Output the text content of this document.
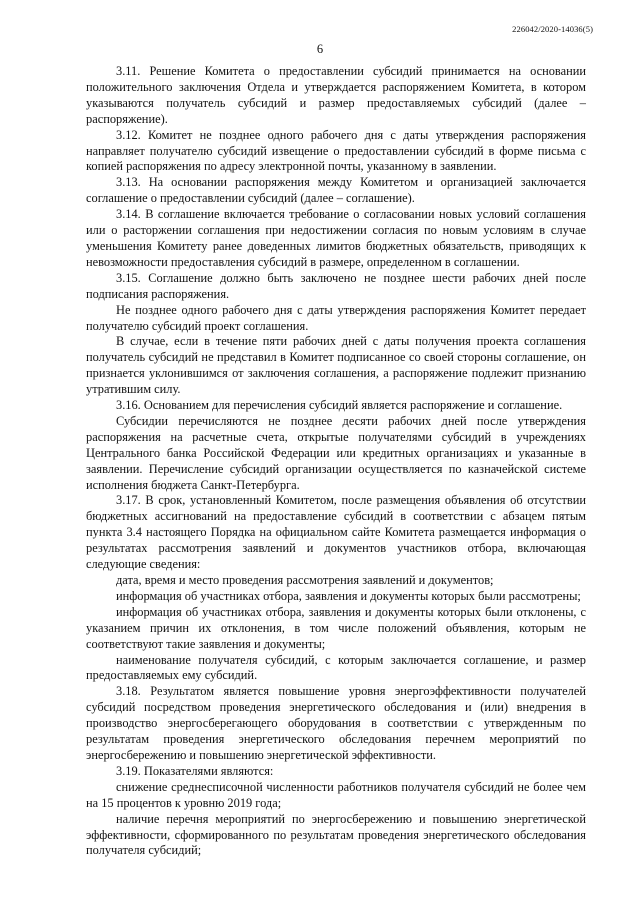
226042/2020-14036(5)
6

3.11. Решение Комитета о предоставлении субсидий принимается на основании положительного заключения Отдела и утверждается распоряжением Комитета, в котором указываются получатель субсидий и размер предоставляемых субсидий (далее – распоряжение).

3.12. Комитет не позднее одного рабочего дня с даты утверждения распоряжения направляет получателю субсидий извещение о предоставлении субсидий в форме письма с копией распоряжения по адресу электронной почты, указанному в заявлении.

3.13. На основании распоряжения между Комитетом и организацией заключается соглашение о предоставлении субсидий (далее – соглашение).

3.14. В соглашение включается требование о согласовании новых условий соглашения или о расторжении соглашения при недостижении согласия по новым условиям в случае уменьшения Комитету ранее доведенных лимитов бюджетных обязательств, приводящих к невозможности предоставления субсидий в размере, определенном в соглашении.

3.15. Соглашение должно быть заключено не позднее шести рабочих дней после подписания распоряжения.

Не позднее одного рабочего дня с даты утверждения распоряжения Комитет передает получателю субсидий проект соглашения.

В случае, если в течение пяти рабочих дней с даты получения проекта соглашения получатель субсидий не представил в Комитет подписанное со своей стороны соглашение, он признается уклонившимся от заключения соглашения, а распоряжение подлежит признанию утратившим силу.

3.16. Основанием для перечисления субсидий является распоряжение и соглашение.

Субсидии перечисляются не позднее десяти рабочих дней после утверждения распоряжения на расчетные счета, открытые получателями субсидий в учреждениях Центрального банка Российской Федерации или кредитных организациях и указанные в заявлении. Перечисление субсидий организации осуществляется по казначейской системе исполнения бюджета Санкт-Петербурга.

3.17. В срок, установленный Комитетом, после размещения объявления об отсутствии бюджетных ассигнований на предоставление субсидий в соответствии с абзацем пятым пункта 3.4 настоящего Порядка на официальном сайте Комитета размещается информация о результатах рассмотрения заявлений и документов участников отбора, включающая следующие сведения:

дата, время и место проведения рассмотрения заявлений и документов;

информация об участниках отбора, заявления и документы которых были рассмотрены;

информация об участниках отбора, заявления и документы которых были отклонены, с указанием причин их отклонения, в том числе положений объявления, которым не соответствуют такие заявления и документы;

наименование получателя субсидий, с которым заключается соглашение, и размер предоставляемых ему субсидий.

3.18. Результатом является повышение уровня энергоэффективности получателей субсидий посредством проведения энергетического обследования и (или) внедрения в производство энергосберегающего оборудования в соответствии с утвержденным по результатам проведения энергетического обследования перечнем мероприятий по энергосбережению и повышению энергетической эффективности.

3.19. Показателями являются:

снижение среднесписочной численности работников получателя субсидий не более чем на 15 процентов к уровню 2019 года;

наличие перечня мероприятий по энергосбережению и повышению энергетической эффективности, сформированного по результатам проведения энергетического обследования получателя субсидий;
